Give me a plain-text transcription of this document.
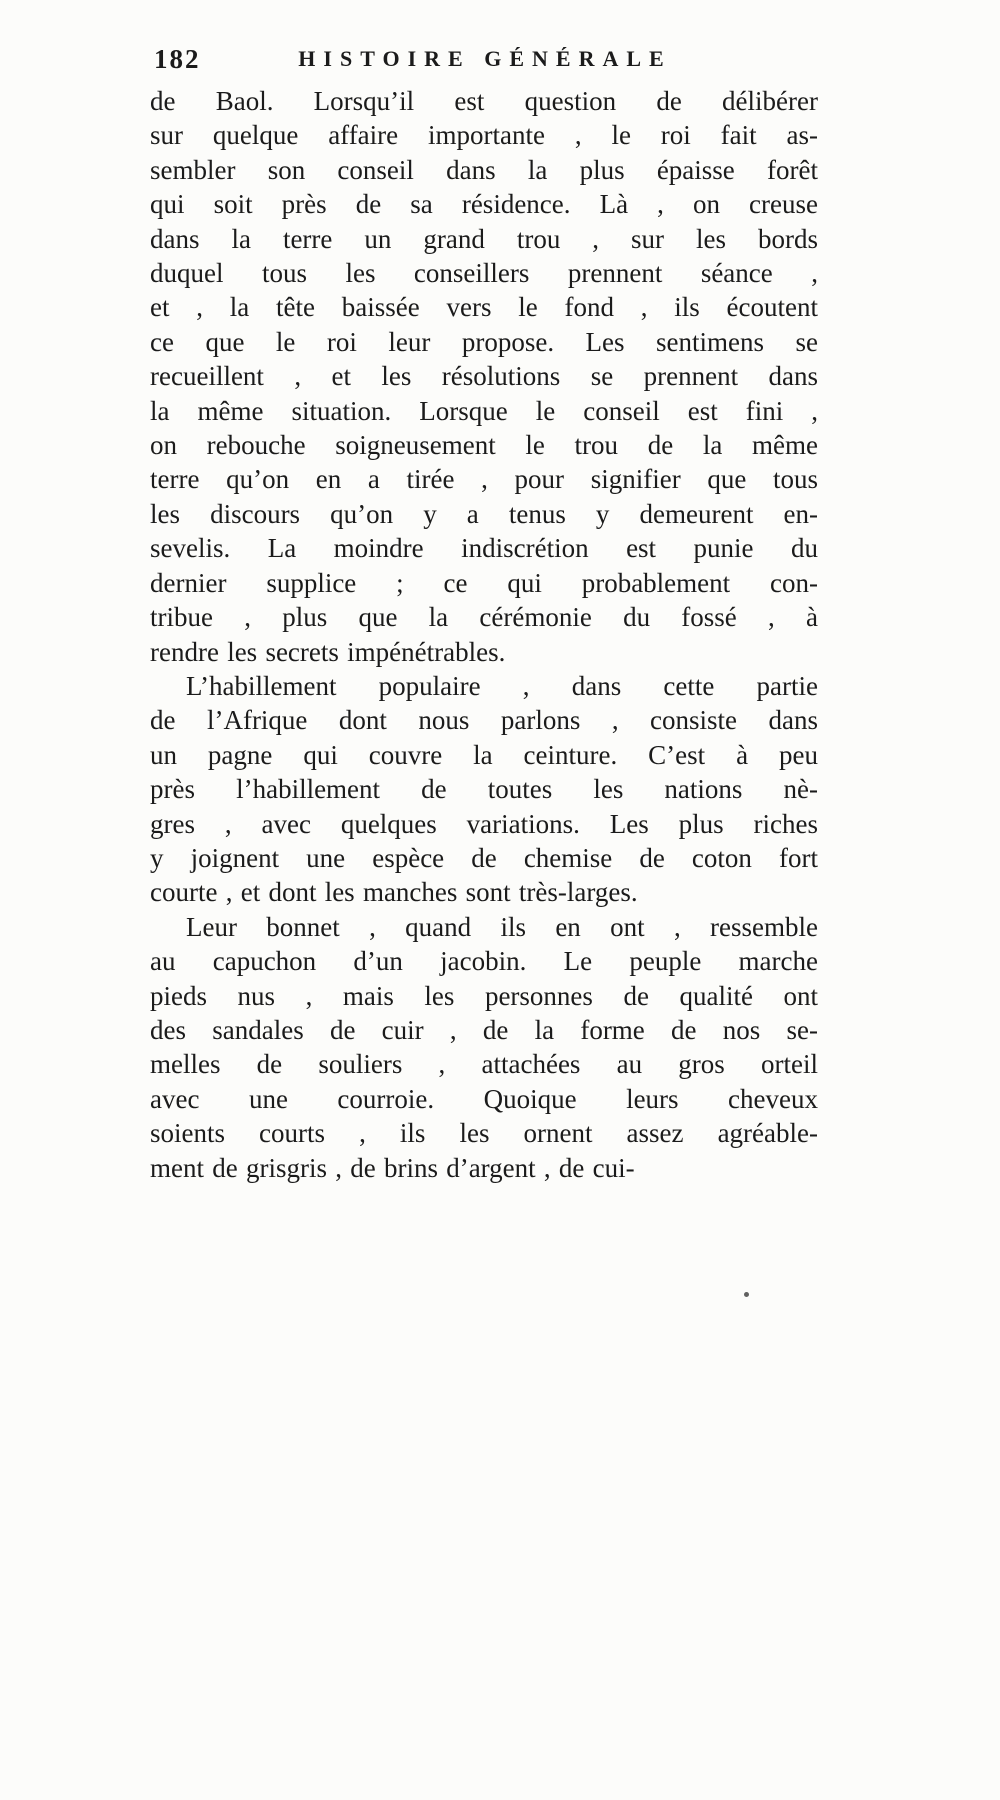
182	HISTOIRE GÉNÉRALE
de Baol. Lorsqu’il est question de délibérer
sur quelque affaire importante , le roi fait as-
sembler son conseil dans la plus épaisse forêt
qui soit près de sa résidence. Là , on creuse
dans la terre un grand trou , sur les bords
duquel tous les conseillers prennent séance ,
et , la tête baissée vers le fond , ils écoutent
ce que le roi leur propose. Les sentimens se
recueillent , et les résolutions se prennent dans
la même situation. Lorsque le conseil est fini ,
on rebouche soigneusement le trou de la même
terre qu’on en a tirée , pour signifier que tous
les discours qu’on y a tenus y demeurent en-
sevelis. La moindre indiscrétion est punie du
dernier supplice ; ce qui probablement con-
tribue , plus que la cérémonie du fossé , à
rendre les secrets impénétrables.
L’habillement populaire , dans cette partie
de l’Afrique dont nous parlons , consiste dans
un pagne qui couvre la ceinture. C’est à peu
près l’habillement de toutes les nations nè-
gres , avec quelques variations. Les plus riches
y joignent une espèce de chemise de coton fort
courte , et dont les manches sont très-larges.
Leur bonnet , quand ils en ont , ressemble
au capuchon d’un jacobin. Le peuple marche
pieds nus , mais les personnes de qualité ont
des sandales de cuir , de la forme de nos se-
melles de souliers , attachées au gros orteil
avec une courroie. Quoique leurs cheveux
soients courts , ils les ornent assez agréable-
ment de grisgris , de brins d’argent , de cui-
